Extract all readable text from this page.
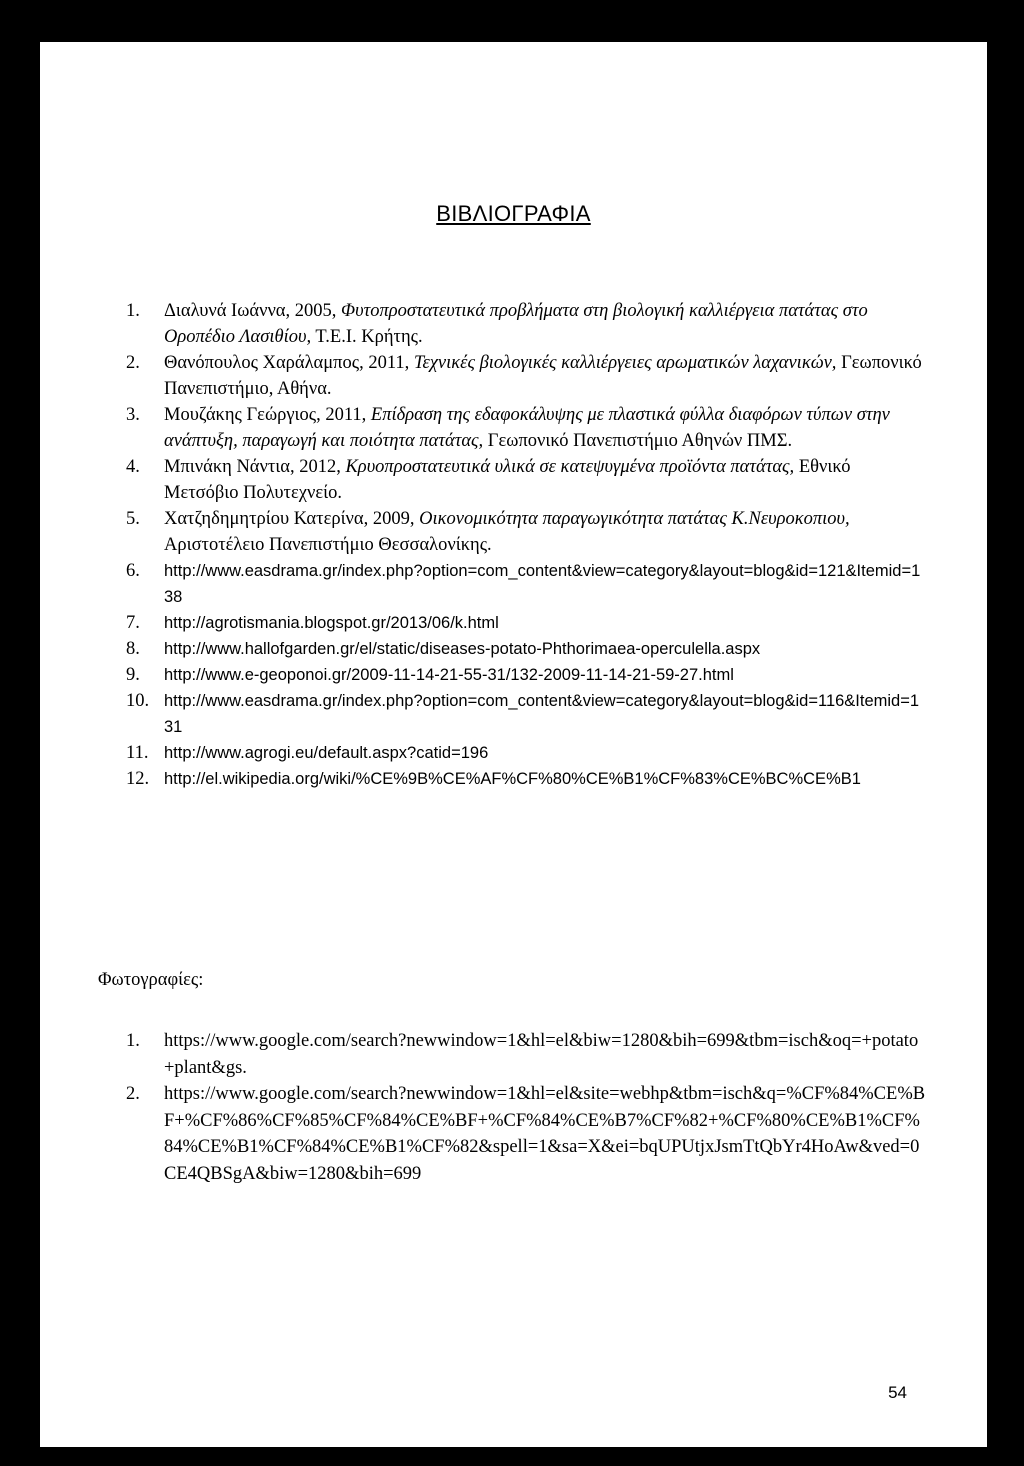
ΒΙΒΛΙΟΓΡΑΦΙΑ
1. Διαλυνά Ιωάννα, 2005, Φυτοπροστατευτικά προβλήματα στη βιολογική καλλιέργεια πατάτας στο Οροπέδιο Λασιθίου, Τ.Ε.Ι. Κρήτης.
2. Θανόπουλος Χαράλαμπος, 2011, Τεχνικές βιολογικές καλλιέργειες αρωματικών λαχανικών, Γεωπονικό Πανεπιστήμιο, Αθήνα.
3. Μουζάκης Γεώργιος, 2011, Επίδραση της εδαφοκάλυψης με πλαστικά φύλλα διαφόρων τύπων στην ανάπτυξη, παραγωγή και ποιότητα πατάτας, Γεωπονικό Πανεπιστήμιο Αθηνών ΠΜΣ.
4. Μπινάκη Νάντια, 2012, Κρυοπροστατευτικά υλικά σε κατεψυγμένα προϊόντα πατάτας, Εθνικό Μετσόβιο Πολυτεχνείο.
5. Χατζηδημητρίου Κατερίνα, 2009, Οικονομικότητα παραγωγικότητα πατάτας Κ.Νευροκοπιου, Αριστοτέλειο Πανεπιστήμιο Θεσσαλονίκης.
6. http://www.easdrama.gr/index.php?option=com_content&view=category&layout=blog&id=121&Itemid=138
7. http://agrotismania.blogspot.gr/2013/06/k.html
8. http://www.hallofgarden.gr/el/static/diseases-potato-Phthorimaea-operculella.aspx
9. http://www.e-geoponoi.gr/2009-11-14-21-55-31/132-2009-11-14-21-59-27.html
10. http://www.easdrama.gr/index.php?option=com_content&view=category&layout=blog&id=116&Itemid=131
11. http://www.agrogi.eu/default.aspx?catid=196
12. http://el.wikipedia.org/wiki/%CE%9B%CE%AF%CF%80%CE%B1%CF%83%CE%BC%CE%B1
Φωτογραφίες:
1. https://www.google.com/search?newwindow=1&hl=el&biw=1280&bih=699&tbm=isch&oq=+potato+plant&gs.
2. https://www.google.com/search?newwindow=1&hl=el&site=webhp&tbm=isch&q=%CF%84%CE%BF+%CF%86%CF%85%CF%84%CE%BF+%CF%84%CE%B7%CF%82+%CF%80%CE%B1%CF%84%CE%B1%CF%84%CE%B1%CF%82&spell=1&sa=X&ei=bqUPUtjxJsmTtQbYr4HoAw&ved=0CE4QBSgA&biw=1280&bih=699
54
